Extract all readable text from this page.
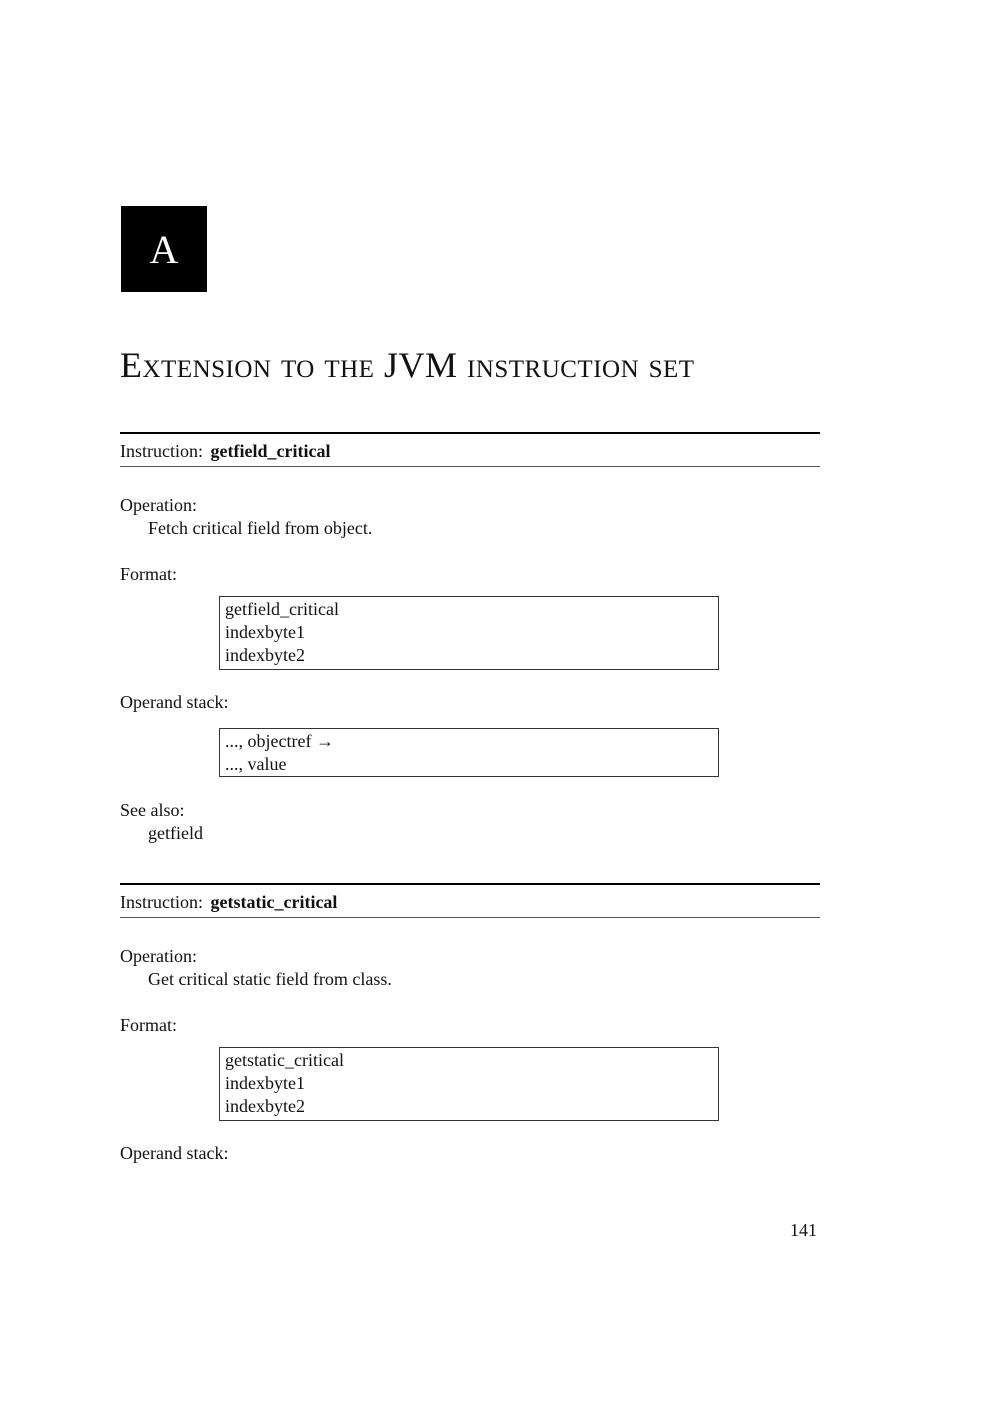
A
Extension to the JVM instruction set
Instruction: getfield_critical
Operation:
Fetch critical field from object.
Format:
getfield_critical
indexbyte1
indexbyte2
Operand stack:
..., objectref →
..., value
See also:
getfield
Instruction: getstatic_critical
Operation:
Get critical static field from class.
Format:
getstatic_critical
indexbyte1
indexbyte2
Operand stack:
141
